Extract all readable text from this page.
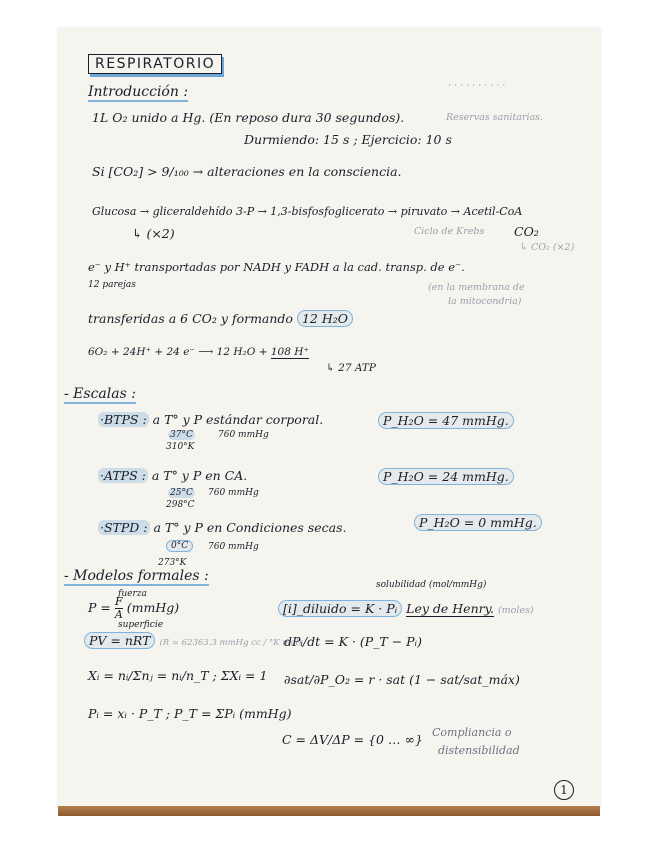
RESPIRATORIO
· · · · · · · · · ·
Introducción :
1L O₂ unido a Hg. (En reposo dura 30 segundos).	Reservas sanitarias.
Durmiendo: 15 s ; Ejercicio: 10 s
Si [CO₂] > 9/₁₀₀ → alteraciones en la consciencia.
Glucosa → gliceraldehído 3-P → 1,3-bisfosfoglicerato → piruvato → Acetil-CoA
↳ (×2)	Ciclo de Krebs CO₂
↳ CO₂ (×2)
e⁻ y H⁺ transportadas por NADH y FADH a la cad. transp. de e⁻.
12 parejas	(en la membrana de
la mitocondria)
transferidas a 6 CO₂ y formando 12 H₂O
6O₂ + 24H⁺ + 24 e⁻ ⟶ 12 H₂O + 108 H⁺
↳ 27 ATP
- Escalas :
·BTPS : a T° y P estándar corporal.	P_H₂O = 47 mmHg.
37°C	760 mmHg
310°K
·ATPS : a T° y P en CA.	P_H₂O = 24 mmHg.
25°C 760 mmHg
298°C
·STPD : a T° y P en Condiciones secas.	P_H₂O = 0 mmHg.
0°C	760 mmHg
273°K
- Modelos formales :
$P = \frac{F}{A}$ (mmHg)
fuerza
superficie
PV = nRT (R = 62363.3 mmHg cc / °K mol)
Xᵢ = nᵢ/Σnⱼ = nᵢ/n_T ; ΣXᵢ = 1
Pᵢ = xᵢ · P_T ; P_T = ΣPᵢ (mmHg)
solubilidad (mol/mmHg)
[i]_diluido = K · Pᵢ Ley de Henry. (moles)
dPᵢ/dt = K · (P_T − Pᵢ)
∂sat/∂P_O₂ = r · sat (1 − sat/sat_máx)
C = ΔV/ΔP = {0 … ∞} Compliancia o
distensibilidad
1
